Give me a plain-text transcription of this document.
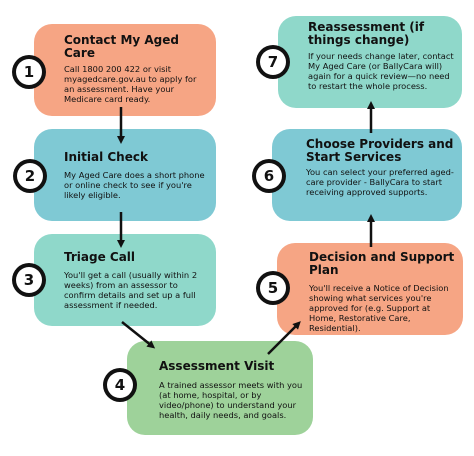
Contact My Aged Care
Call 1800 200 422 or visit myagedcare.gov.au to apply for an assessment. Have your Medicare card ready.
Initial Check
My Aged Care does a short phone or online check to see if you're likely eligible.
Triage Call
You'll get a call (usually within 2 weeks) from an assessor to confirm details and set up a full assessment if needed.
Assessment Visit
A trained assessor meets with you (at home, hospital, or by video/phone) to understand your health, daily needs, and goals.
Decision and Support Plan
You'll receive a Notice of Decision showing what services you're approved for (e.g. Support at Home, Restorative Care, Residential).
Choose Providers and Start Services
You can select your preferred aged-care provider - BallyCara to start receiving approved supports.
Reassessment (if things change)
If your needs change later, contact My Aged Care (or BallyCara will) again for a quick review—no need to restart the whole process.
1
2
3
4
5
6
7
